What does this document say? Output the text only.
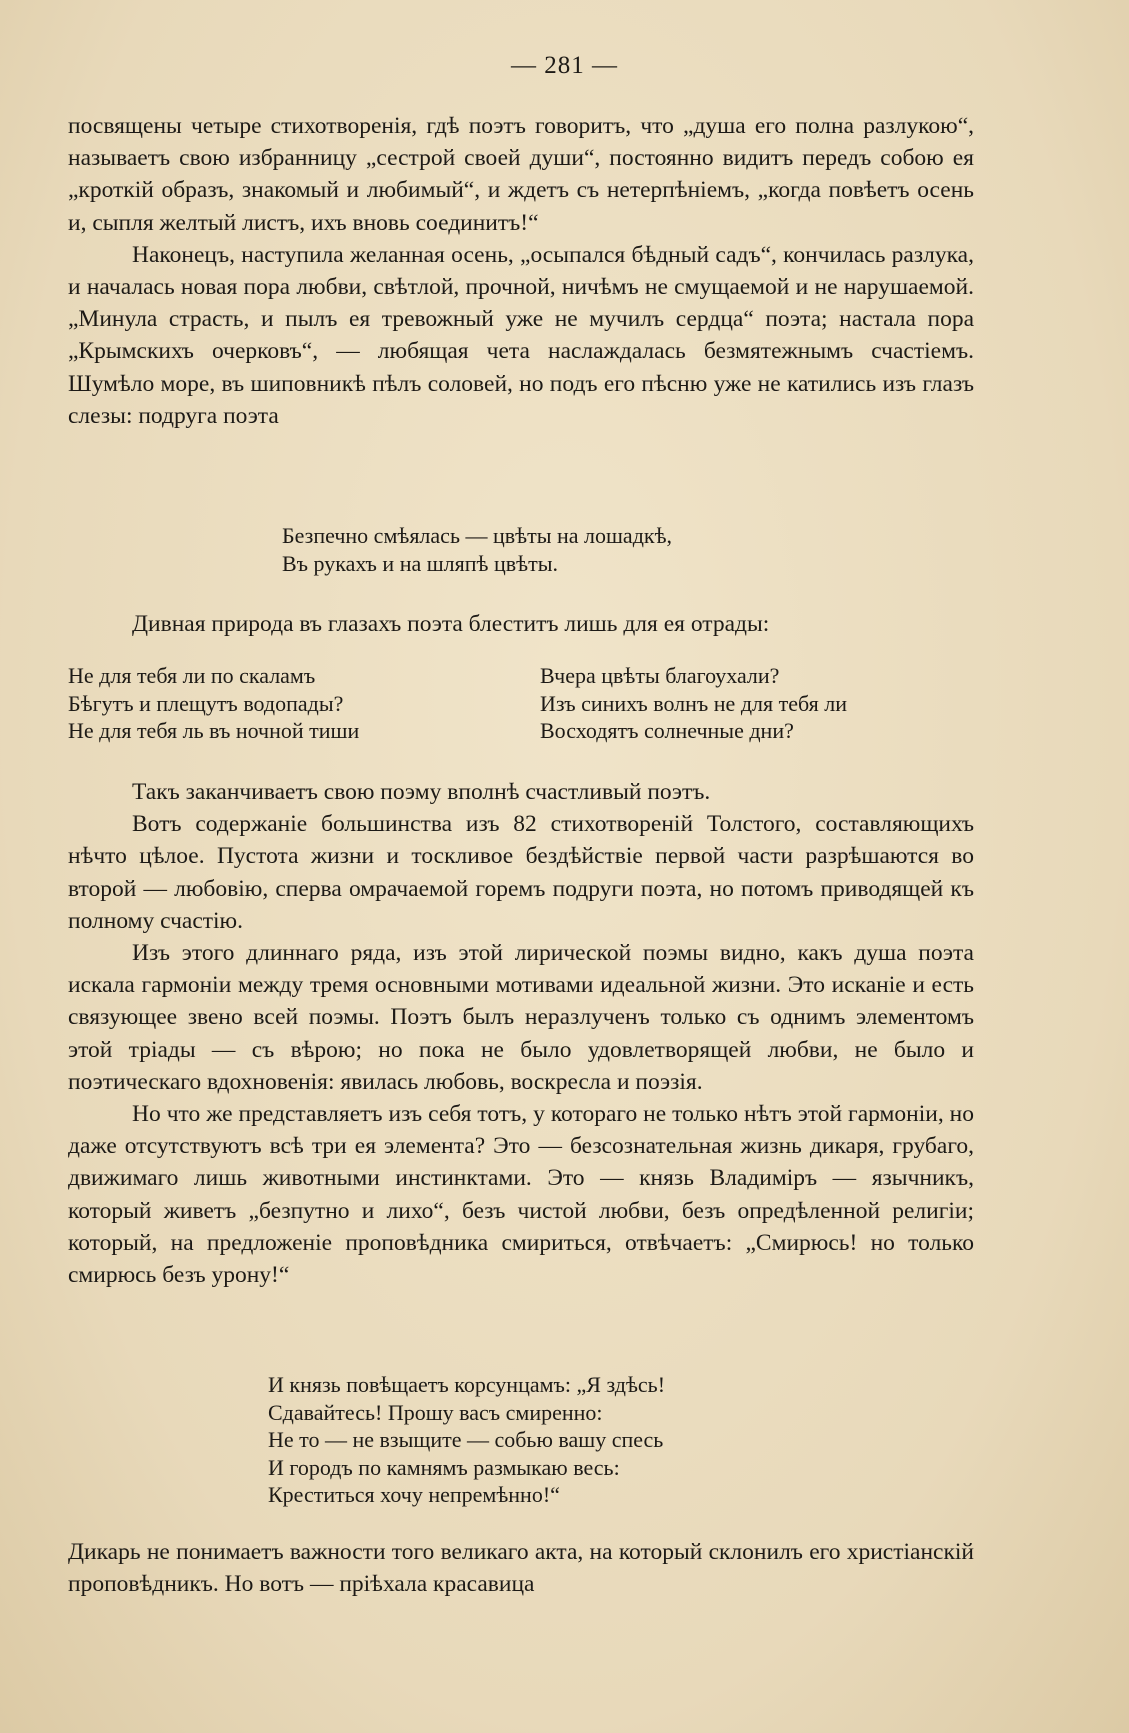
— 281 —

посвящены четыре стихотворенія, гдѣ поэтъ говоритъ, что „душа его полна разлукою“, называетъ свою избранницу „сестрой своей души“, постоянно видитъ передъ собою ея „кроткій образъ, знакомый и любимый“, и ждетъ съ нетерпѣніемъ, „когда повѣетъ осень и, сыпля желтый листъ, ихъ вновь соединитъ!“

Наконецъ, наступила желанная осень, „осыпался бѣдный садъ“, кончилась разлука, и началась новая пора любви, свѣтлой, прочной, ничѣмъ не смущаемой и не нарушаемой. „Минула страсть, и пылъ ея тревожный уже не мучилъ сердца“ поэта; настала пора „Крымскихъ очерковъ“, — любящая чета наслаждалась безмятежнымъ счастіемъ. Шумѣло море, въ шиповникѣ пѣлъ соловей, но подъ его пѣсню уже не катились изъ глазъ слезы: подруга поэта

Безпечно смѣялась — цвѣты на лошадкѣ,
Въ рукахъ и на шляпѣ цвѣты.

Дивная природа въ глазахъ поэта блеститъ лишь для ея отрады:

Не для тебя ли по скаламъ
Бѣгутъ и плещутъ водопады?
Не для тебя ль въ ночной тиши
Вчера цвѣты благоухали?
Изъ синихъ волнъ не для тебя ли
Восходятъ солнечные дни?

Такъ заканчиваетъ свою поэму вполнѣ счастливый поэтъ.

Вотъ содержаніе большинства изъ 82 стихотвореній Толстого, составляющихъ нѣчто цѣлое. Пустота жизни и тоскливое бездѣйствіе первой части разрѣшаются во второй — любовію, сперва омрачаемой горемъ подруги поэта, но потомъ приводящей къ полному счастію.

Изъ этого длиннаго ряда, изъ этой лирической поэмы видно, какъ душа поэта искала гармоніи между тремя основными мотивами идеальной жизни. Это исканіе и есть связующее звено всей поэмы. Поэтъ былъ неразлученъ только съ однимъ элементомъ этой тріады — съ вѣрою; но пока не было удовлетворящей любви, не было и поэтическаго вдохновенія: явилась любовь, воскресла и поэзія.

Но что же представляетъ изъ себя тотъ, у котораго не только нѣтъ этой гармоніи, но даже отсутствуютъ всѣ три ея элемента? Это — безсознательная жизнь дикаря, грубаго, движимаго лишь животными инстинктами. Это — князь Владиміръ — язычникъ, который живетъ „безпутно и лихо“, безъ чистой любви, безъ опредѣленной религіи; который, на предложеніе проповѣдника смириться, отвѣчаетъ: „Смирюсь! но только смирюсь безъ урону!“

И князь повѣщаетъ корсунцамъ: „Я здѣсь!
Сдавайтесь! Прошу васъ смиренно:
Не то — не взыщите — собью вашу спесь
И городъ по камнямъ размыкаю весь:
Креститься хочу непремѣнно!“

Дикарь не понимаетъ важности того великаго акта, на который склонилъ его христіанскій проповѣдникъ. Но вотъ — пріѣхала красавица
